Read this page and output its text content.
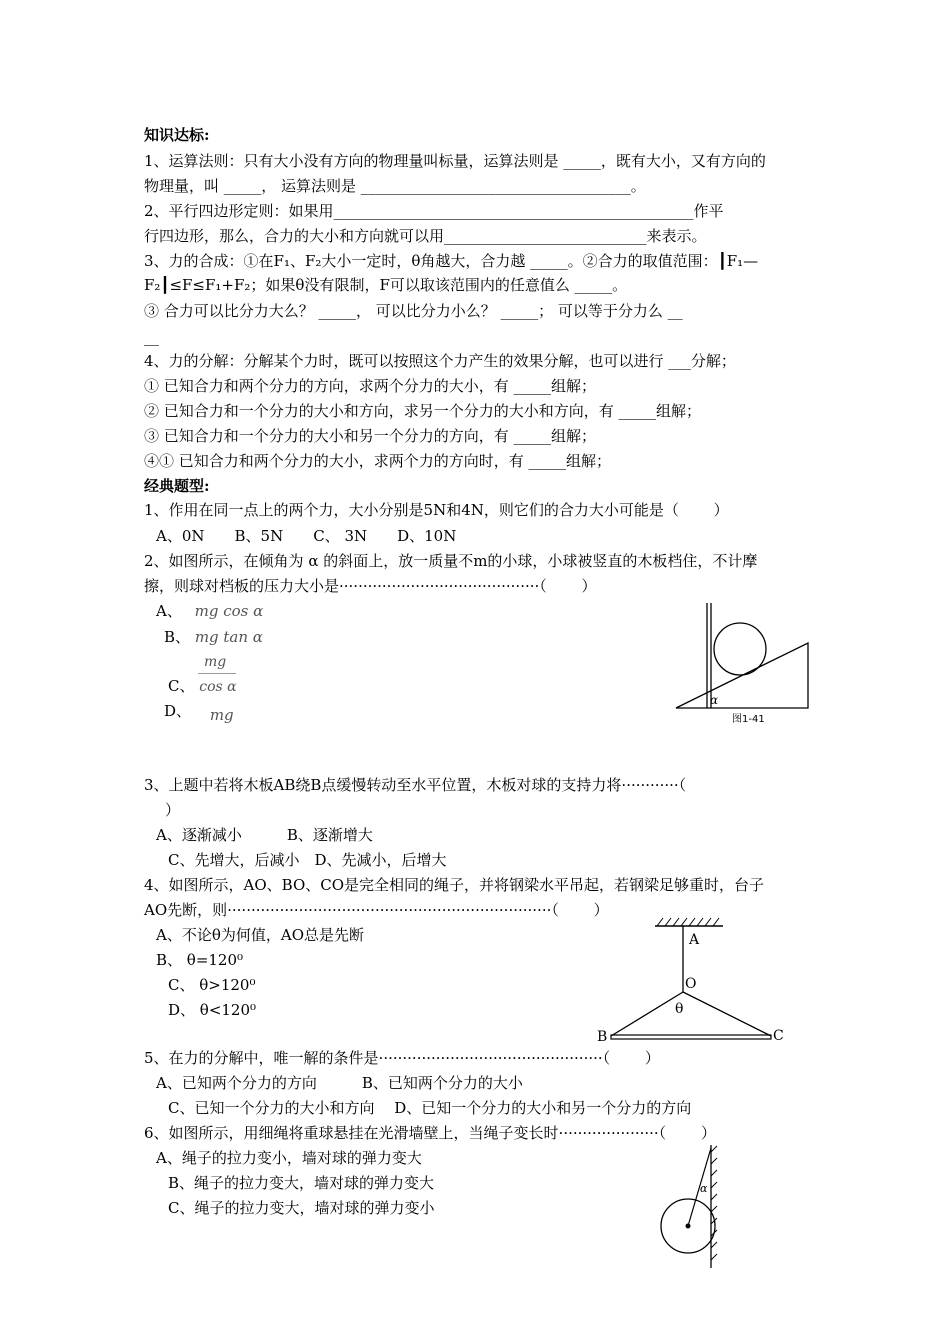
知识达标:
1、运算法则：只有大小没有方向的物理量叫标量，运算法则是 _____，既有大小，又有方向的
物理量，叫 _____， 运算法则是 ____________________________________。
2、平行四边形定则：如果用________________________________________________作平
行四边形，那么，合力的大小和方向就可以用___________________________来表示。
3、力的合成：①在F₁、F₂大小一定时，θ角越大，合力越 _____。②合力的取值范围：┃F₁—
F₂┃≤F≤F₁+F₂；如果θ没有限制，F可以取该范围内的任意值么 _____。
③ 合力可以比分力大么？ _____， 可以比分力小么？ _____； 可以等于分力么 __
__
4、力的分解：分解某个力时，既可以按照这个力产生的效果分解，也可以进行 ___分解；
① 已知合力和两个分力的方向，求两个分力的大小，有 _____组解；
② 已知合力和一个分力的大小和方向，求另一个分力的大小和方向，有 _____组解；
③ 已知合力和一个分力的大小和另一个分力的方向，有 _____组解；
④① 已知合力和两个分力的大小，求两个力的方向时，有 _____组解；
经典题型:
1、作用在同一点上的两个力，大小分别是5N和4N，则它们的合力大小可能是（　　 ）
A、0N　　B、5N　　C、 3N　　D、10N
2、如图所示，在倾角为 α 的斜面上，放一质量不m的小球，小球被竖直的木板档住，不计摩
擦，则球对档板的压力大小是··········································（　　 ）
A、 mg cos α
B、 mg tan α
mg
C、 cos α
D、 mg
α
图1-41
3、上题中若将木板AB绕B点缓慢转动至水平位置，木板对球的支持力将············（
　）
A、逐渐减小　　　B、逐渐增大
C、先增大，后减小　D、先减小，后增大
4、如图所示，AO、BO、CO是完全相同的绳子，并将钢梁水平吊起，若钢梁足够重时，台子
AO先断，则····································································（　　 ）
A、不论θ为何值，AO总是先断
B、 θ=120⁰
C、 θ>120⁰
D、 θ<120⁰
A
O
θ
B	C
5、在力的分解中，唯一解的条件是···············································（　　 ）
A、已知两个分力的方向　　　B、已知两个分力的大小
C、已知一个分力的大小和方向　 D、已知一个分力的大小和另一个分力的方向
6、如图所示，用细绳将重球悬挂在光滑墙壁上，当绳子变长时·····················（　　 ）
A、绳子的拉力变小，墙对球的弹力变大
B、绳子的拉力变大，墙对球的弹力变大
C、绳子的拉力变大，墙对球的弹力变小
α
